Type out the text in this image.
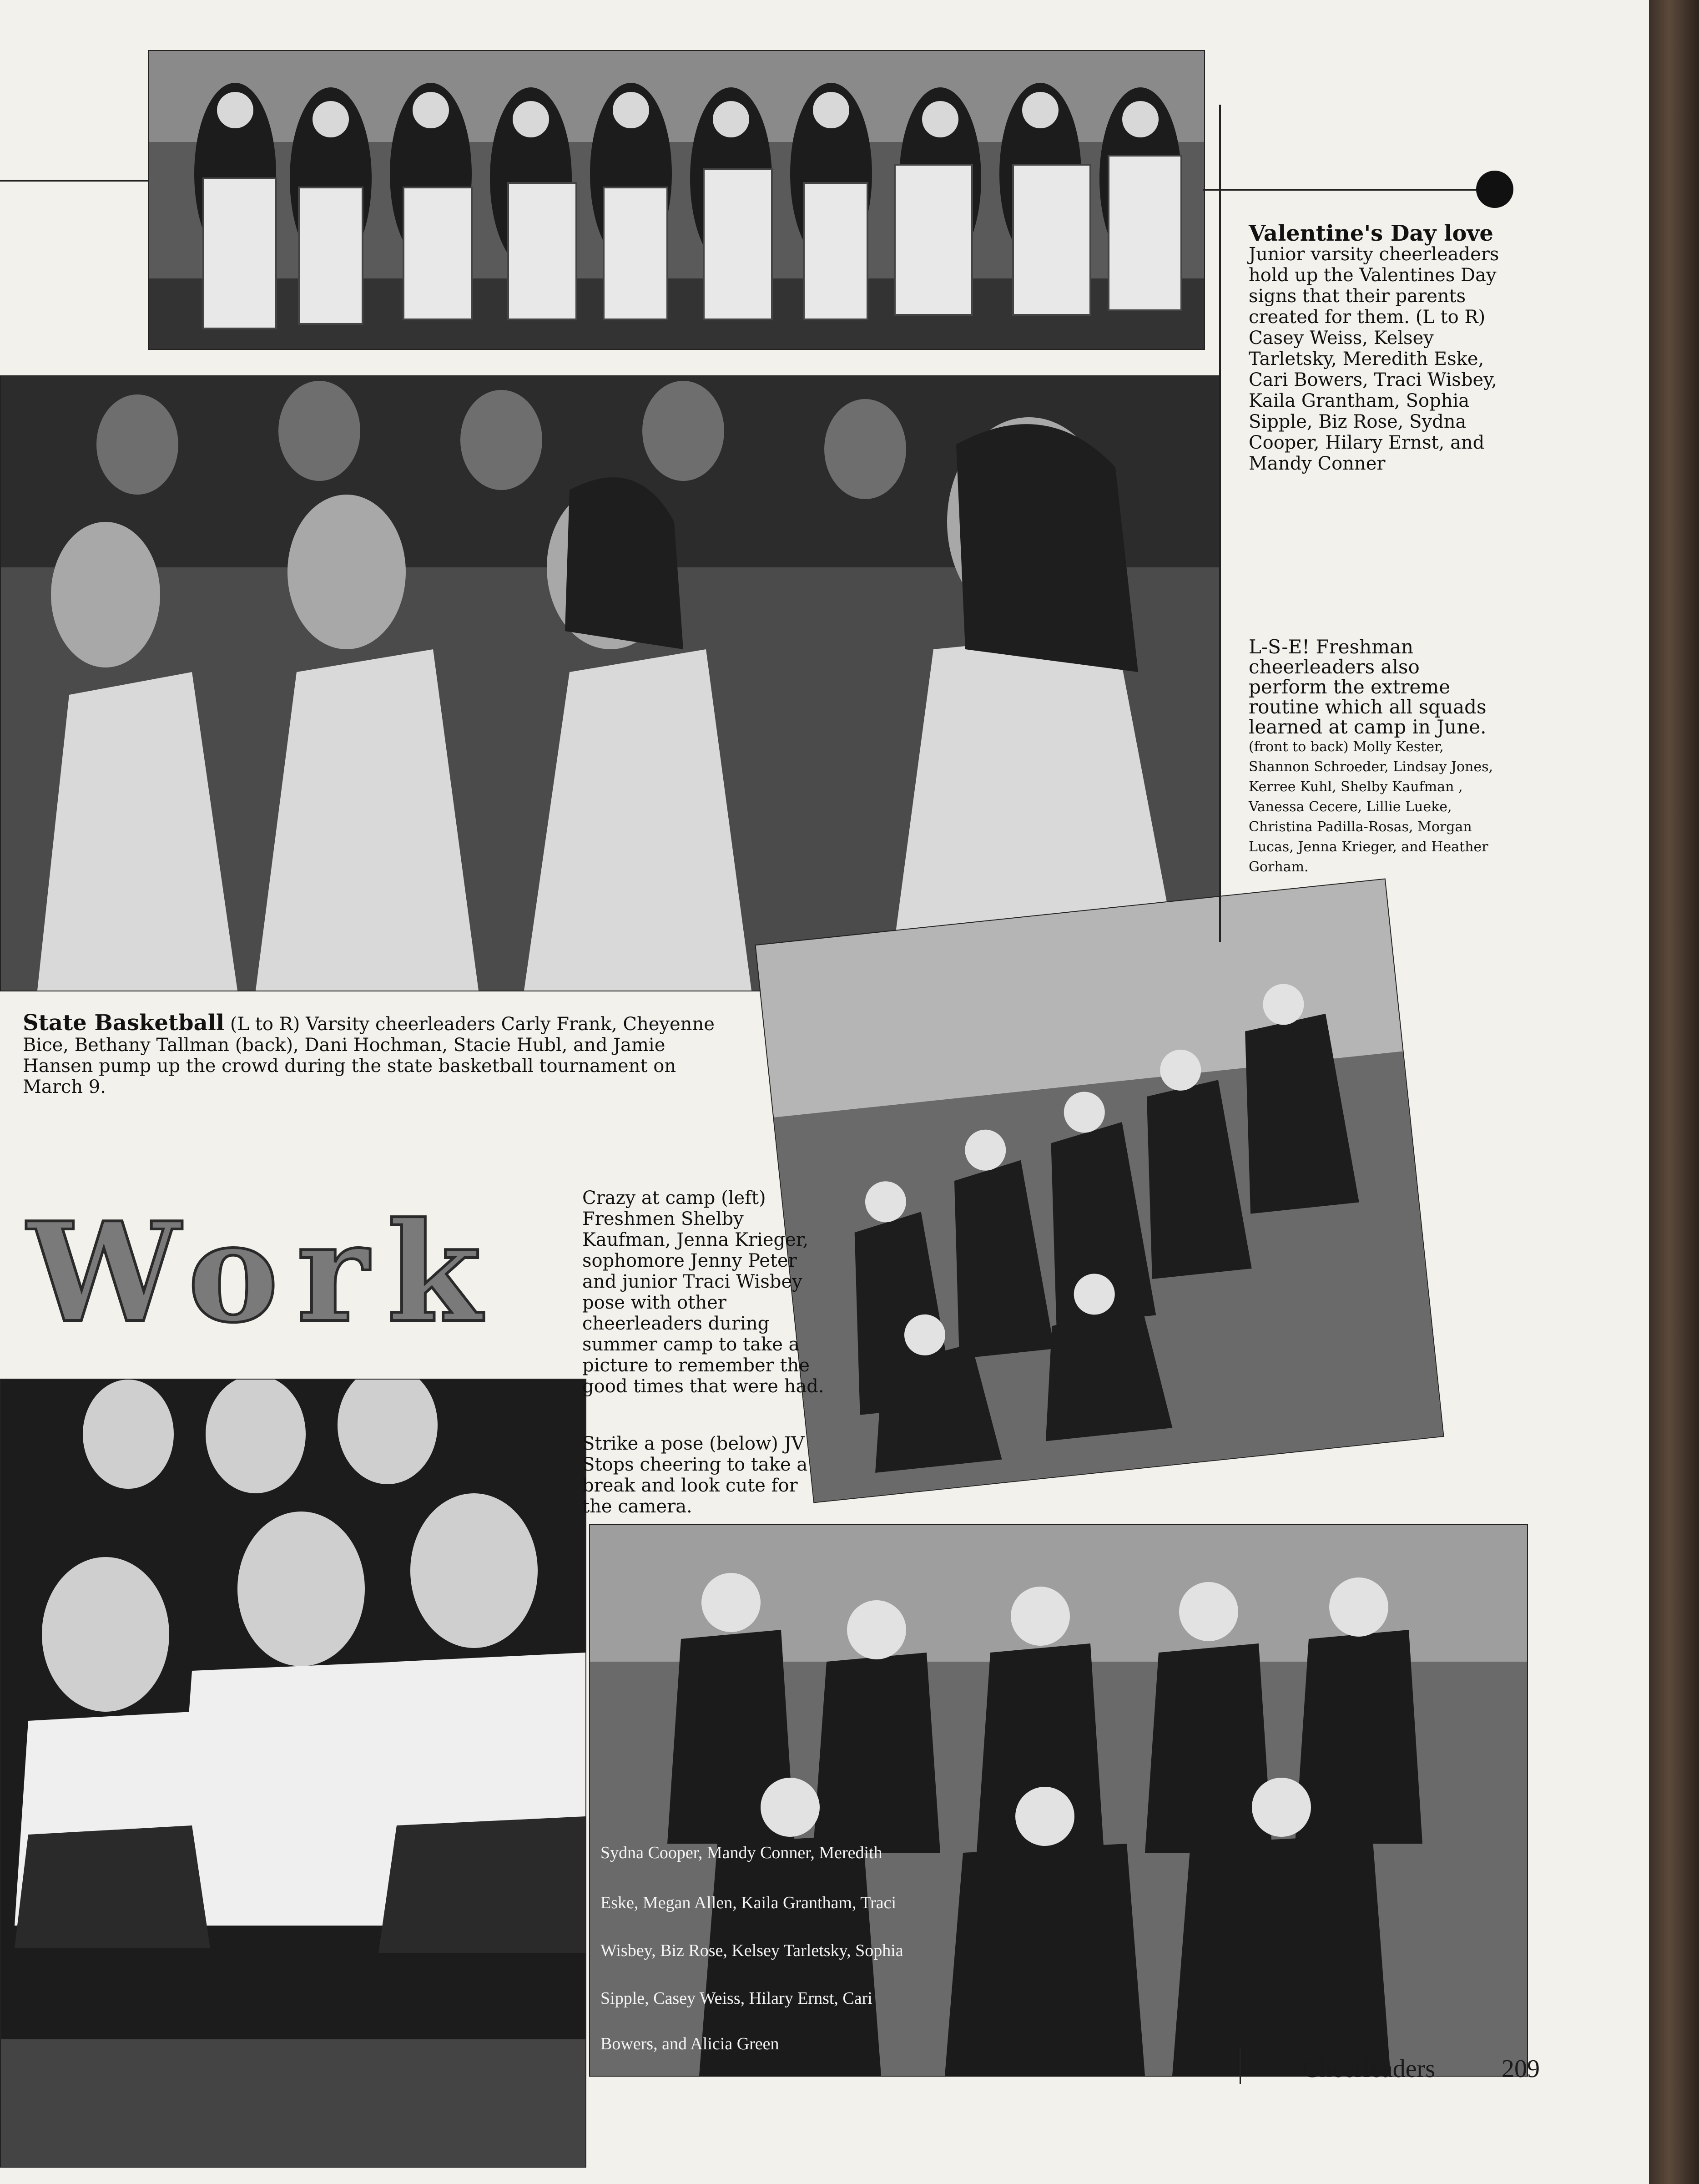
Valentine's Day love
Junior varsity cheerleaders hold up the Valentines Day signs that their parents created for them. (L to R) Casey Weiss, Kelsey Tarletsky, Meredith Eske, Cari Bowers, Traci Wisbey, Kaila Grantham, Sophia Sipple, Biz Rose, Sydna Cooper, Hilary Ernst, and Mandy Conner
L-S-E! Freshman cheerleaders also perform the extreme routine which all squads learned at camp in June.
(front to back) Molly Kester, Shannon Schroeder, Lindsay Jones, Kerree Kuhl, Shelby Kaufman , Vanessa Cecere, Lillie Lueke, Christina Padilla-Rosas, Morgan Lucas, Jenna Krieger, and Heather Gorham.
State Basketball (L to R) Varsity cheerleaders Carly Frank, Cheyenne Bice, Bethany Tallman (back), Dani Hochman, Stacie Hubl, and Jamie Hansen pump up the crowd during the state basketball tournament on March 9.
Work	Crazy at camp (left) Freshmen Shelby Kaufman, Jenna Krieger, sophomore Jenny Peter and junior Traci Wisbey pose with other cheerleaders during summer camp to take a picture to remember the good times that were had.
Strike a pose (below) JV Stops cheering to take a break and look cute for the camera.
Sydna Cooper, Mandy Conner, Meredith
Eske, Megan Allen, Kaila Grantham, Traci
Wisbey, Biz Rose, Kelsey Tarletsky, Sophia
Sipple, Casey Weiss, Hilary Ernst, Cari
Bowers, and Alicia Green
Cheerleaders	209
